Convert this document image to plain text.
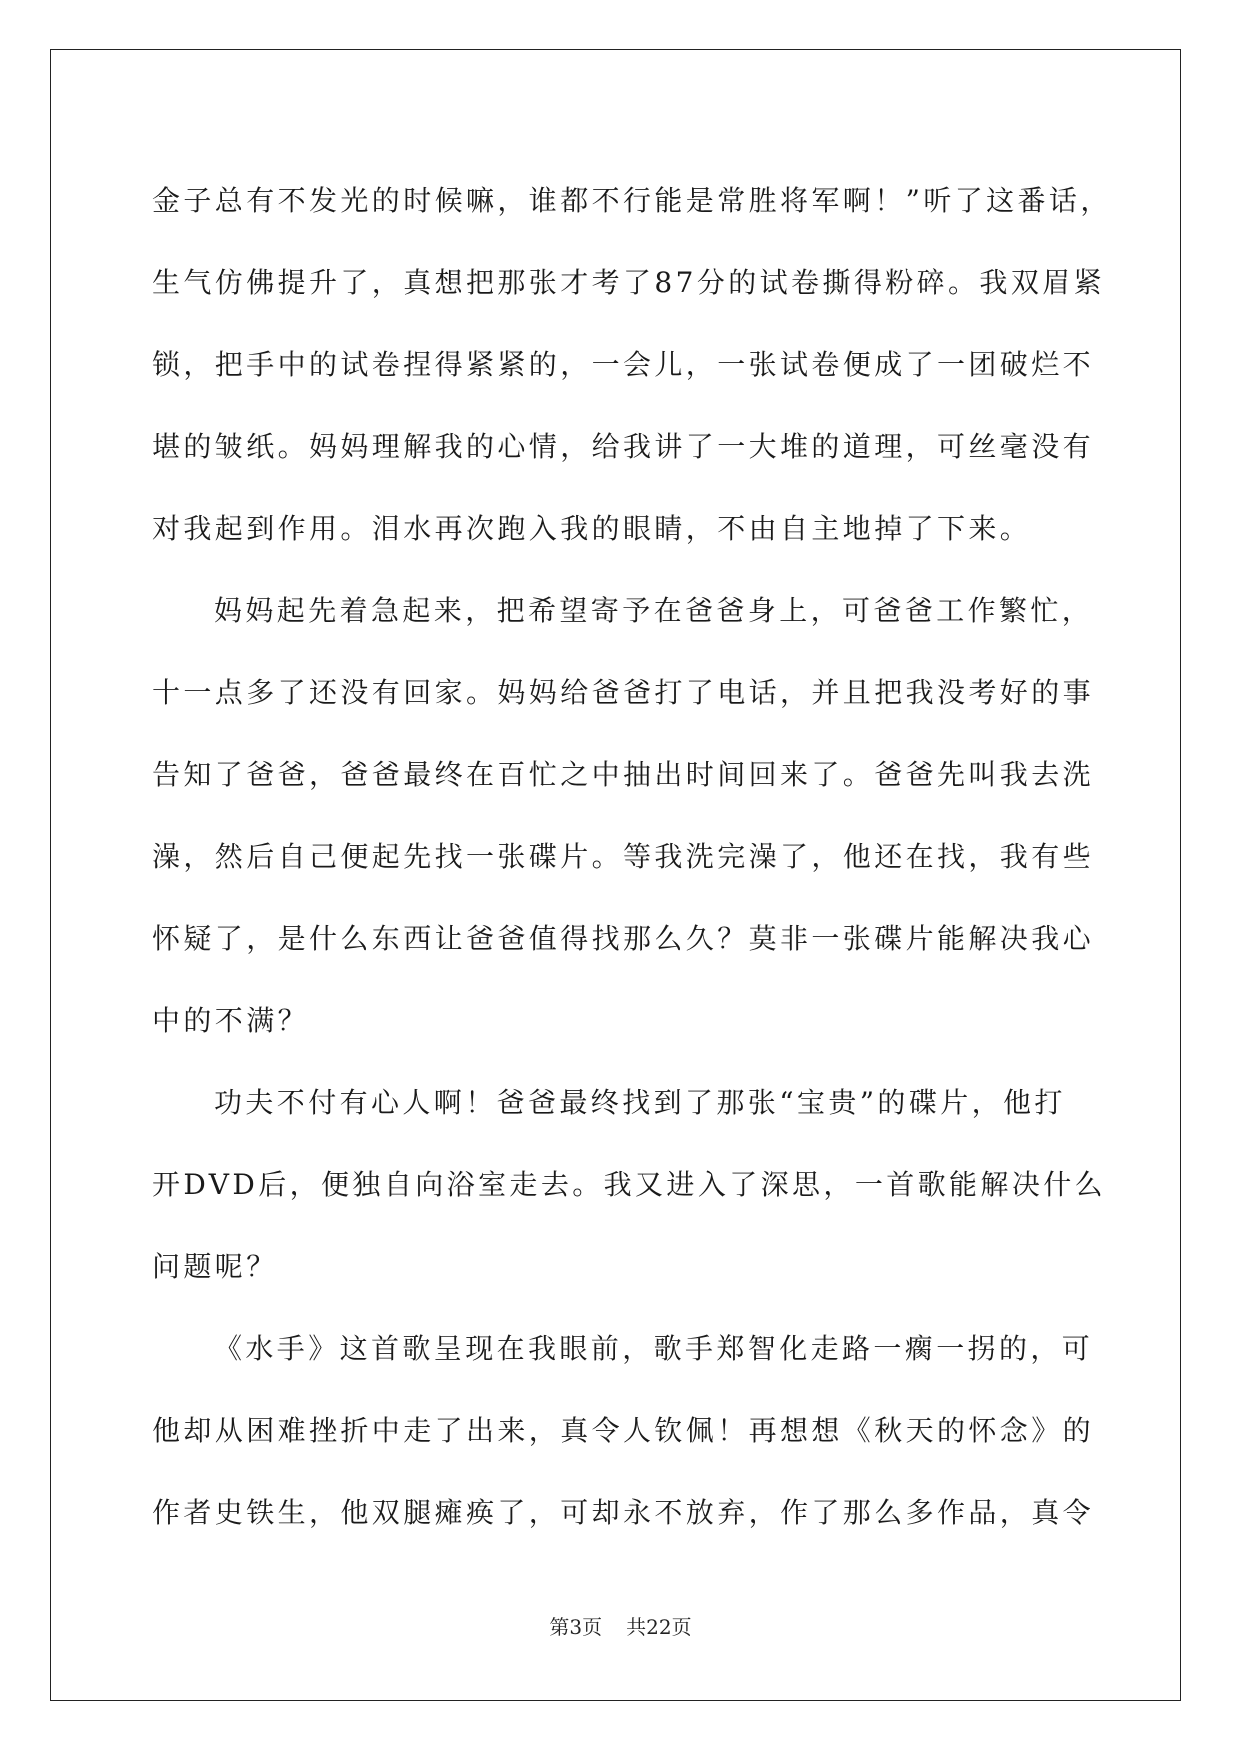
金子总有不发光的时候嘛，谁都不行能是常胜将军啊！”听了这番话，
生气仿佛提升了，真想把那张才考了87分的试卷撕得粉碎。我双眉紧
锁，把手中的试卷捏得紧紧的，一会儿，一张试卷便成了一团破烂不
堪的皱纸。妈妈理解我的心情，给我讲了一大堆的道理，可丝毫没有
对我起到作用。泪水再次跑入我的眼睛，不由自主地掉了下来。
妈妈起先着急起来，把希望寄予在爸爸身上，可爸爸工作繁忙，
十一点多了还没有回家。妈妈给爸爸打了电话，并且把我没考好的事
告知了爸爸，爸爸最终在百忙之中抽出时间回来了。爸爸先叫我去洗
澡，然后自己便起先找一张碟片。等我洗完澡了，他还在找，我有些
怀疑了，是什么东西让爸爸值得找那么久？莫非一张碟片能解决我心
中的不满？
功夫不付有心人啊！爸爸最终找到了那张“宝贵”的碟片，他打
开DVD后，便独自向浴室走去。我又进入了深思，一首歌能解决什么
问题呢？
《水手》这首歌呈现在我眼前，歌手郑智化走路一瘸一拐的，可
他却从困难挫折中走了出来，真令人钦佩！再想想《秋天的怀念》的
作者史铁生，他双腿瘫痪了，可却永不放弃，作了那么多作品，真令
第3页 共22页
